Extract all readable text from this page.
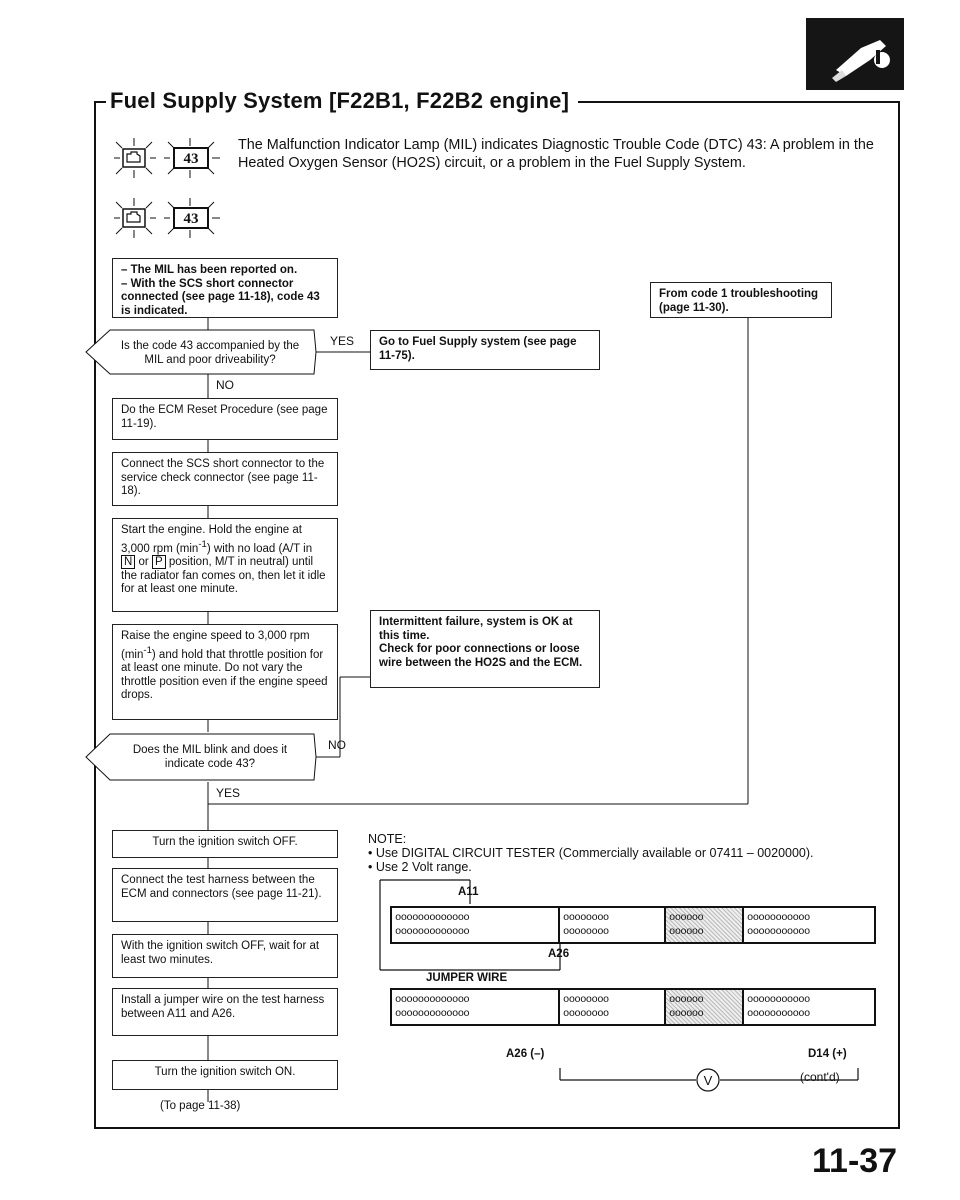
Fuel Supply System [F22B1, F22B2 engine]
43
43
The Malfunction Indicator Lamp (MIL) indicates Diagnostic Trouble Code (DTC) 43: A problem in the Heated Oxygen Sensor (HO2S) circuit, or a problem in the Fuel Supply System.
– The MIL has been reported on.
– With the SCS short connector connected (see page 11-18), code 43 is indicated.
From code 1 troubleshooting (page 11-30).
Is the code 43 accompanied by the MIL and poor driveability?
YES	Go to Fuel Supply system (see page 11-75).
NO
Do the ECM Reset Procedure (see page 11-19).
Connect the SCS short connector to the service check connector (see page 11-18).
Start the engine. Hold the engine at 3,000 rpm $(\min^{-1})$ with no load (A/T in N or P position, M/T in neutral) until the radiator fan comes on, then let it idle for at least one minute.
Intermittent failure, system is OK at this time.
Check for poor connections or loose wire between the HO2S and the ECM.
Raise the engine speed to 3,000 rpm $(\min^{-1})$ and hold that throttle position for at least one minute. Do not vary the throttle position even if the engine speed drops.
Does the MIL blink and does it indicate code 43?
NO
YES
Turn the ignition switch OFF.
Connect the test harness between the ECM and connectors (see page 11-21).
With the ignition switch OFF, wait for at least two minutes.
Install a jumper wire on the test harness between A11 and A26.
Turn the ignition switch ON.
(To page 11-38)
NOTE:
• Use DIGITAL CIRCUIT TESTER (Commercially available or 07411 – 0020000).
• Use 2 Volt range.
V
A11
ooooooooooooo
ooooooooooooo
oooooooo
oooooooo
oooooo
oooooo
ooooooooooo
ooooooooooo
A26
JUMPER WIRE
ooooooooooooo
ooooooooooooo
oooooooo
oooooooo
oooooo
oooooo
ooooooooooo
ooooooooooo
A26 (–)	D14 (+)
(cont'd)
11-37
